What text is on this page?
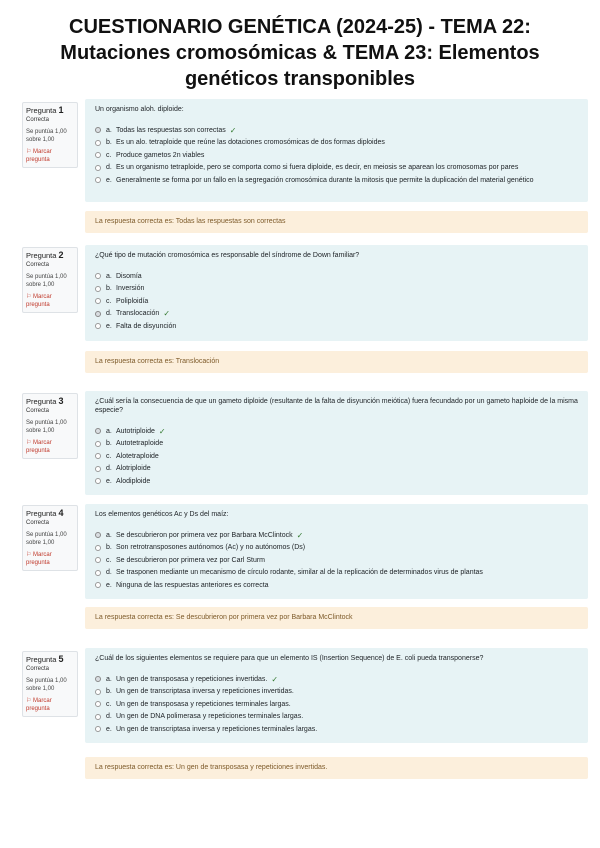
CUESTIONARIO GENÉTICA (2024-25) - TEMA 22: Mutaciones cromosómicas & TEMA 23: Elementos genéticos transponibles
Pregunta 1
Correcta
Se puntúa 1,00 sobre 1,00
⚐ Marcar pregunta
Un organismo aloh. diploide:
a. Todas las respuestas son correctas ✓
b. Es un alo. tetraploide que reúne las dotaciones cromosómicas de dos formas diploides
c. Produce gametos 2n viables
d. Es un organismo tetraploide, pero se comporta como si fuera diploide, es decir, en meiosis se aparean los cromosomas por pares
e. Generalmente se forma por un fallo en la segregación cromosómica durante la mitosis que permite la duplicación del material genético
La respuesta correcta es: Todas las respuestas son correctas
Pregunta 2
Correcta
Se puntúa 1,00 sobre 1,00
⚐ Marcar pregunta
¿Qué tipo de mutación cromosómica es responsable del síndrome de Down familiar?
a. Disomía
b. Inversión
c. Poliploidía
d. Translocación ✓
e. Falta de disyunción
La respuesta correcta es: Translocación
Pregunta 3
Correcta
Se puntúa 1,00 sobre 1,00
⚐ Marcar pregunta
¿Cuál sería la consecuencia de que un gameto diploide (resultante de la falta de disyunción meiótica) fuera fecundado por un gameto haploide de la misma especie?
a. Autotriploide ✓
b. Autotetraploide
c. Alotetraploide
d. Alotriploide
e. Alodiploide
Pregunta 4
Correcta
Se puntúa 1,00 sobre 1,00
⚐ Marcar pregunta
Los elementos genéticos Ac y Ds del maíz:
a. Se descubrieron por primera vez por Barbara McClintock ✓
b. Son retrotransposones autónomos (Ac) y no autónomos (Ds)
c. Se descubrieron por primera vez por Carl Sturm
d. Se trasponen mediante un mecanismo de círculo rodante, similar al de la replicación de determinados virus de plantas
e. Ninguna de las respuestas anteriores es correcta
La respuesta correcta es: Se descubrieron por primera vez por Barbara McClintock
Pregunta 5
Correcta
Se puntúa 1,00 sobre 1,00
⚐ Marcar pregunta
¿Cuál de los siguientes elementos se requiere para que un elemento IS (Insertion Sequence) de E. coli pueda transponerse?
a. Un gen de transposasa y repeticiones invertidas. ✓
b. Un gen de transcriptasa inversa y repeticiones invertidas.
c. Un gen de transposasa y repeticiones terminales largas.
d. Un gen de DNA polimerasa y repeticiones terminales largas.
e. Un gen de transcriptasa inversa y repeticiones terminales largas.
La respuesta correcta es: Un gen de transposasa y repeticiones invertidas.
